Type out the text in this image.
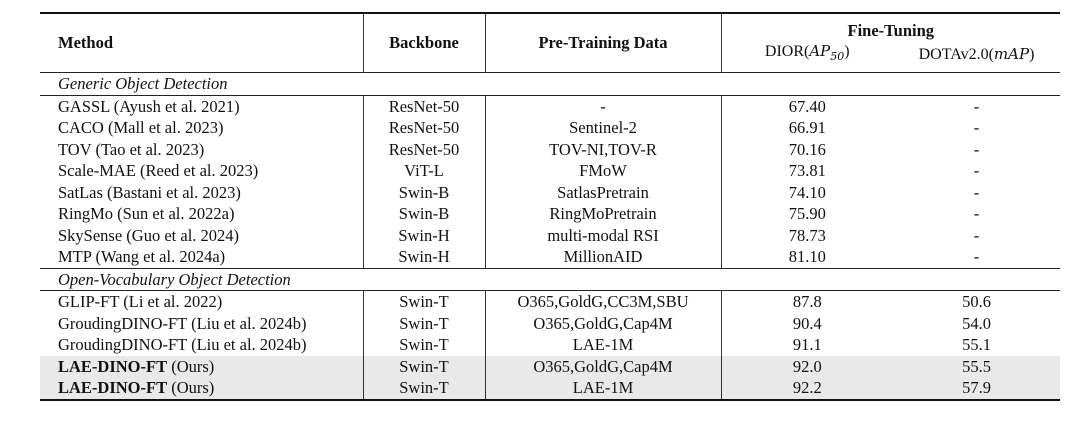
Method	Backbone	Pre-Training Data	Fine-Tuning	
			$DIOR(AP_{50})$	DOTAv2.0(mAP)
Generic Object Detection				
GASSL (Ayush et al. 2021)	ResNet-50	-	67.40	-
CACO (Mall et al. 2023)	ResNet-50	Sentinel-2	66.91	-
TOV (Tao et al. 2023)	ResNet-50	TOV-NI,TOV-R	70.16	-
Scale-MAE (Reed et al. 2023)	ViT-L	FMoW	73.81	-
SatLas (Bastani et al. 2023)	Swin-B	SatlasPretrain	74.10	-
RingMo (Sun et al. 2022a)	Swin-B	RingMoPretrain	75.90	-
SkySense (Guo et al. 2024)	Swin-H	multi-modal RSI	78.73	-
MTP (Wang et al. 2024a)	Swin-H	MillionAID	81.10	-
Open-Vocabulary Object Detection				
GLIP-FT (Li et al. 2022)	Swin-T	O365,GoldG,CC3M,SBU	87.8	50.6
GroudingDINO-FT (Liu et al. 2024b)	Swin-T	O365,GoldG,Cap4M	90.4	54.0
GroudingDINO-FT (Liu et al. 2024b)	Swin-T	LAE-1M	91.1	55.1
LAE-DINO-FT (Ours)	Swin-T	O365,GoldG,Cap4M	92.0	55.5
LAE-DINO-FT (Ours)	Swin-T	LAE-1M	92.2	57.9
